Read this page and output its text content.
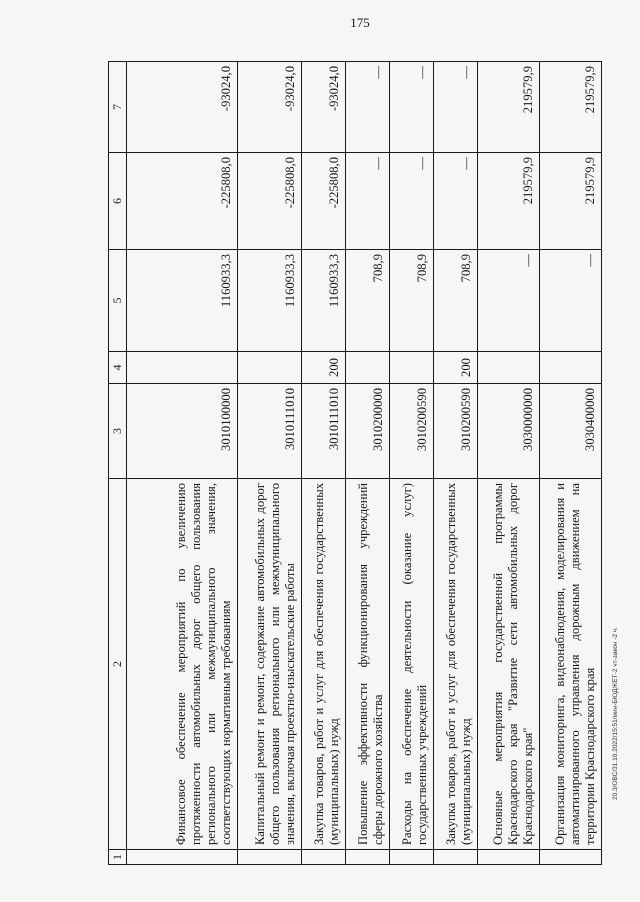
175
20.3/ОВС/31.10.2022/15:51/мин-БЮДЖЕТ-2 чт-закон -2 ч.
1	2	3	4	5	6	7
	Финансовое обеспечение мероприятий по увеличению протяженности автомобильных дорог общего пользования регионального или межмуниципального значения, соответствующих нормативным требованиям	3010100000		1160933,3	-225808,0	-93024,0
	Капитальный ремонт и ремонт, содержание автомобильных дорог общего пользования регионального или межмуниципального значения, включая проектно-изыскательские работы	3010111010		1160933,3	-225808,0	-93024,0
	Закупка товаров, работ и услуг для обеспечения государственных (муниципальных) нужд	3010111010	200	1160933,3	-225808,0	-93024,0
	Повышение эффективности функционирования учреждений сферы дорожного хозяйства	3010200000		708,9	—	—
	Расходы на обеспечение деятельности (оказание услуг) государственных учреждений	3010200590		708,9	—	—
	Закупка товаров, работ и услуг для обеспечения государственных (муниципальных) нужд	3010200590	200	708,9	—	—
	Основные мероприятия государственной программы Краснодарского края "Развитие сети автомобильных дорог Краснодарского края"	3030000000		—	219579,9	219579,9
	Организация мониторинга, видеонаблюдения, моделирования и автоматизированного управления дорожным движением на территории Краснодарского края	3030400000		—	219579,9	219579,9
